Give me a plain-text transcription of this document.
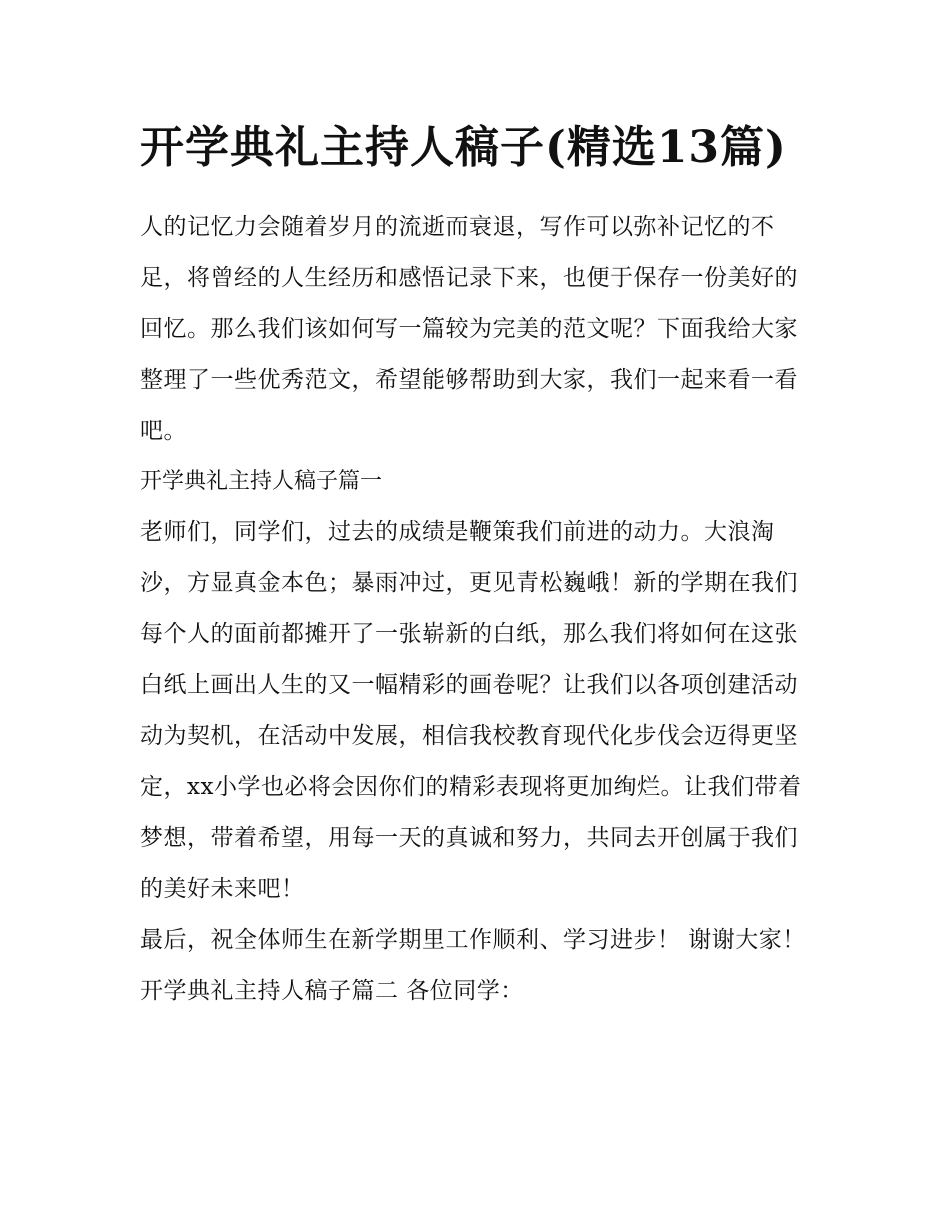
开学典礼主持人稿子(精选13篇)

人的记忆力会随着岁月的流逝而衰退，写作可以弥补记忆的不足，将曾经的人生经历和感悟记录下来，也便于保存一份美好的回忆。那么我们该如何写一篇较为完美的范文呢？下面我给大家整理了一些优秀范文，希望能够帮助到大家，我们一起来看一看吧。

开学典礼主持人稿子篇一

老师们，同学们，过去的成绩是鞭策我们前进的动力。大浪淘沙，方显真金本色；暴雨冲过，更见青松巍峨！新的学期在我们每个人的面前都摊开了一张崭新的白纸，那么我们将如何在这张白纸上画出人生的又一幅精彩的画卷呢？让我们以各项创建活动动为契机，在活动中发展，相信我校教育现代化步伐会迈得更坚定，xx小学也必将会因你们的精彩表现将更加绚烂。让我们带着梦想，带着希望，用每一天的真诚和努力，共同去开创属于我们的美好未来吧！

最后，祝全体师生在新学期里工作顺利、学习进步！ 谢谢大家！ 开学典礼主持人稿子篇二 各位同学：
